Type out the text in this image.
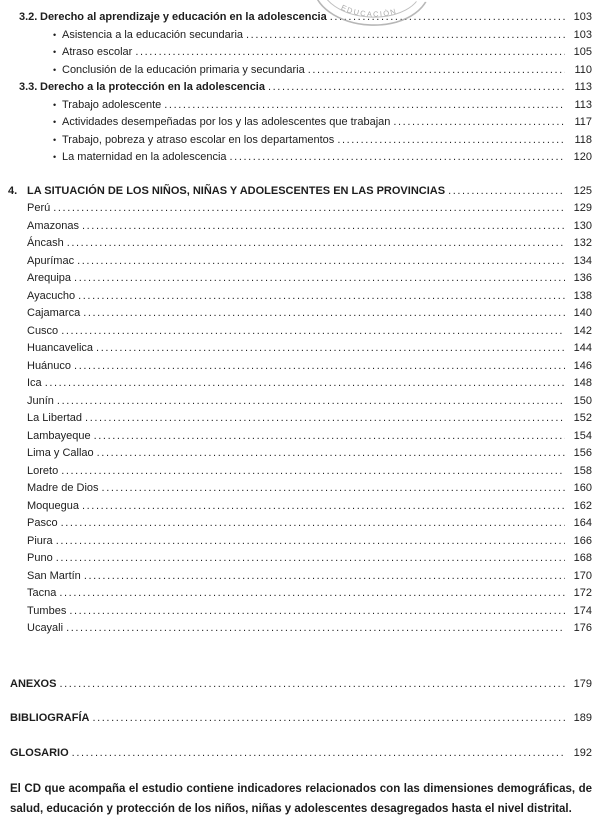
EDUCACIÓN
3.2. Derecho al aprendizaje y educación en la adolescencia .....	103
• Asistencia a la educación secundaria .....	103
• Atraso escolar .....	105
• Conclusión de la educación primaria y secundaria .....	110
3.3. Derecho a la protección en la adolescencia .....	113
• Trabajo adolescente .....	113
• Actividades desempeñadas por los y las adolescentes que trabajan .....	117
• Trabajo, pobreza y atraso escolar en los departamentos .....	118
• La maternidad en la adolescencia .....	120
4. LA SITUACIÓN DE LOS NIÑOS, NIÑAS Y ADOLESCENTES EN LAS PROVINCIAS .....	125
Perú .....	129
Amazonas .....	130
Áncash .....	132
Apurímac .....	134
Arequipa .....	136
Ayacucho .....	138
Cajamarca .....	140
Cusco .....	142
Huancavelica .....	144
Huánuco .....	146
Ica .....	148
Junín .....	150
La Libertad .....	152
Lambayeque .....	154
Lima y Callao .....	156
Loreto .....	158
Madre de Dios .....	160
Moquegua .....	162
Pasco .....	164
Piura .....	166
Puno .....	168
San Martín .....	170
Tacna .....	172
Tumbes .....	174
Ucayali .....	176
ANEXOS .....	179
BIBLIOGRAFÍA .....	189
GLOSARIO .....	192

El CD que acompaña el estudio contiene indicadores relacionados con las dimensiones demográficas, de
salud, educación y protección de los niños, niñas y adolescentes desagregados hasta el nivel distrital.
